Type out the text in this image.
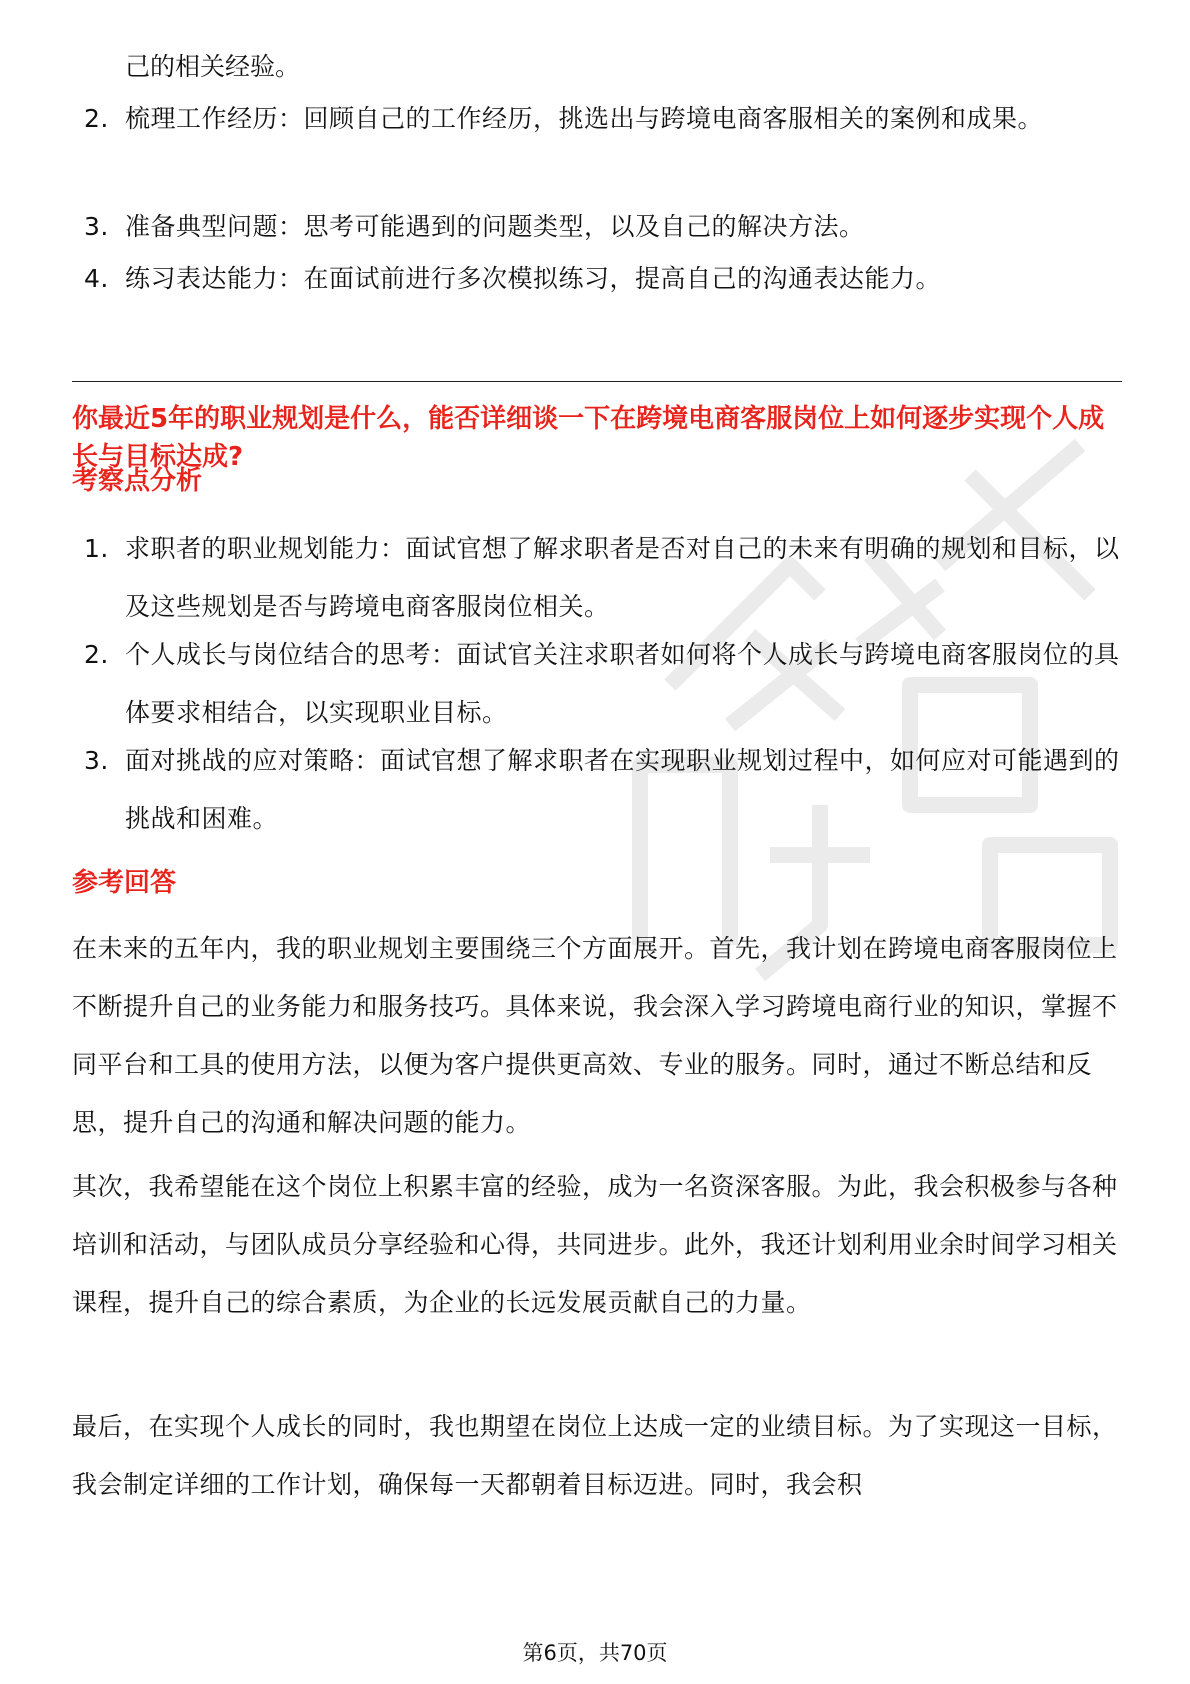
己的相关经验。
2. 梳理工作经历：回顾自己的工作经历，挑选出与跨境电商客服相关的案例和成果。
3. 准备典型问题：思考可能遇到的问题类型，以及自己的解决方法。
4. 练习表达能力：在面试前进行多次模拟练习，提高自己的沟通表达能力。
你最近5年的职业规划是什么，能否详细谈一下在跨境电商客服岗位上如何逐步实现个人成长与目标达成?
考察点分析
1. 求职者的职业规划能力：面试官想了解求职者是否对自己的未来有明确的规划和目标，以及这些规划是否与跨境电商客服岗位相关。
2. 个人成长与岗位结合的思考：面试官关注求职者如何将个人成长与跨境电商客服岗位的具体要求相结合，以实现职业目标。
3. 面对挑战的应对策略：面试官想了解求职者在实现职业规划过程中，如何应对可能遇到的挑战和困难。
参考回答
在未来的五年内，我的职业规划主要围绕三个方面展开。首先，我计划在跨境电商客服岗位上不断提升自己的业务能力和服务技巧。具体来说，我会深入学习跨境电商行业的知识，掌握不同平台和工具的使用方法，以便为客户提供更高效、专业的服务。同时，通过不断总结和反思，提升自己的沟通和解决问题的能力。
其次，我希望能在这个岗位上积累丰富的经验，成为一名资深客服。为此，我会积极参与各种培训和活动，与团队成员分享经验和心得，共同进步。此外，我还计划利用业余时间学习相关课程，提升自己的综合素质，为企业的长远发展贡献自己的力量。
最后，在实现个人成长的同时，我也期望在岗位上达成一定的业绩目标。为了实现这一目标，我会制定详细的工作计划，确保每一天都朝着目标迈进。同时，我会积
第6页，共70页
